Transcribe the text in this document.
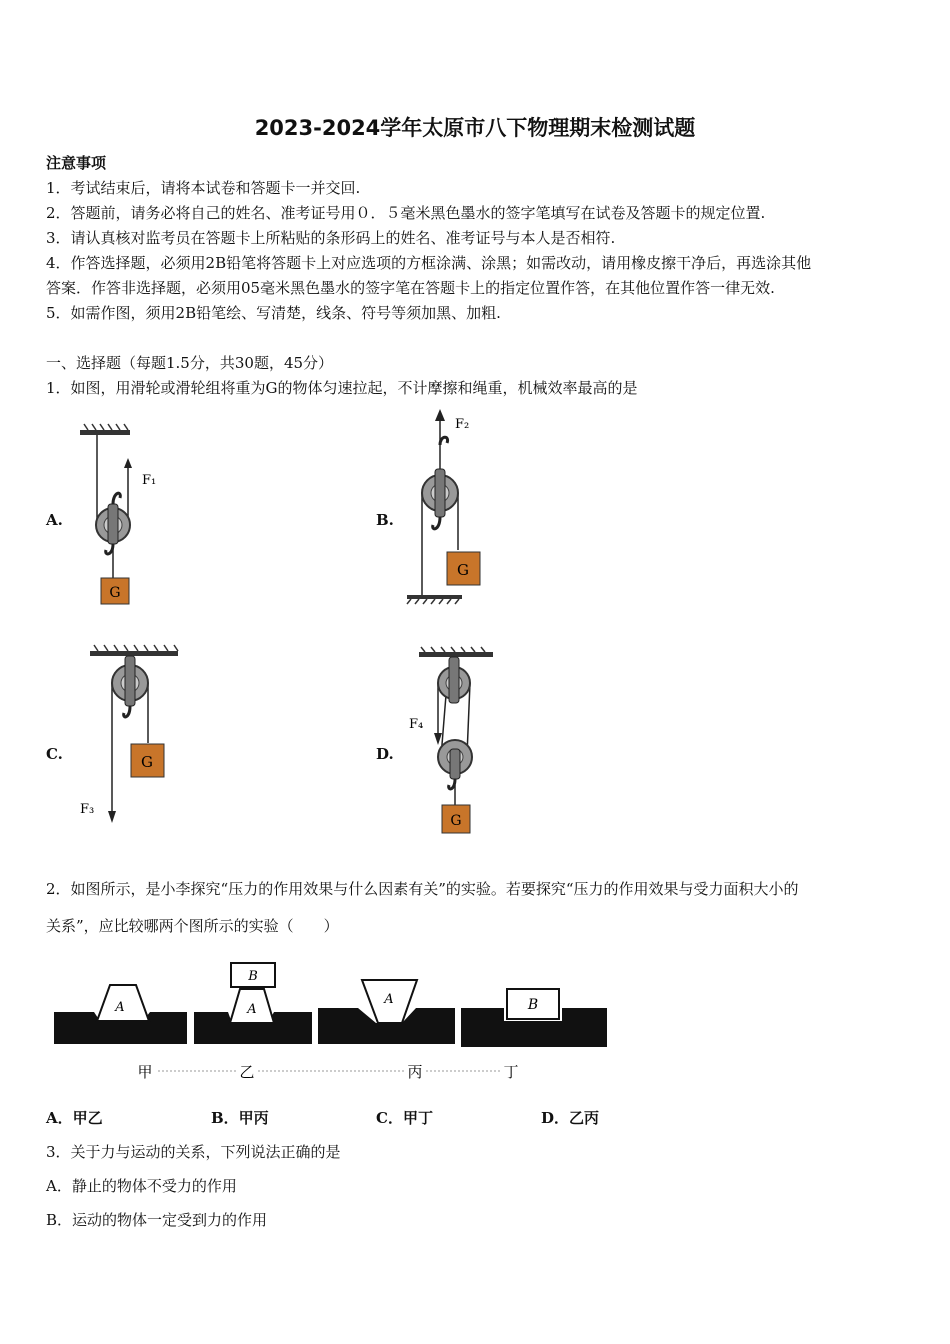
2023-2024学年太原市八下物理期末检测试题
注意事项
1．考试结束后，请将本试卷和答题卡一并交回.
2．答题前，请务必将自己的姓名、准考证号用０．５毫米黑色墨水的签字笔填写在试卷及答题卡的规定位置.
3．请认真核对监考员在答题卡上所粘贴的条形码上的姓名、准考证号与本人是否相符.
4．作答选择题，必须用2B铅笔将答题卡上对应选项的方框涂满、涂黑；如需改动，请用橡皮擦干净后，再选涂其他
答案．作答非选择题，必须用05毫米黑色墨水的签字笔在答题卡上的指定位置作答，在其他位置作答一律无效.
5．如需作图，须用2B铅笔绘、写清楚，线条、符号等须加黑、加粗.
一、选择题（每题1.5分，共30题，45分）
1．如图，用滑轮或滑轮组将重为G的物体匀速拉起，不计摩擦和绳重，机械效率最高的是
A.	B.
C.	D.
G
F₁
F₂
G
G
F₃
G
F₄
2．如图所示，是小李探究“压力的作用效果与什么因素有关”的实验。若要探究“压力的作用效果与受力面积大小的
关系”，应比较哪两个图所示的实验（　　）
A	A
B
A	B
甲	乙	丙	丁
A．甲乙	B．甲丙	C．甲丁	D．乙丙
3．关于力与运动的关系，下列说法正确的是
A．静止的物体不受力的作用
B．运动的物体一定受到力的作用
